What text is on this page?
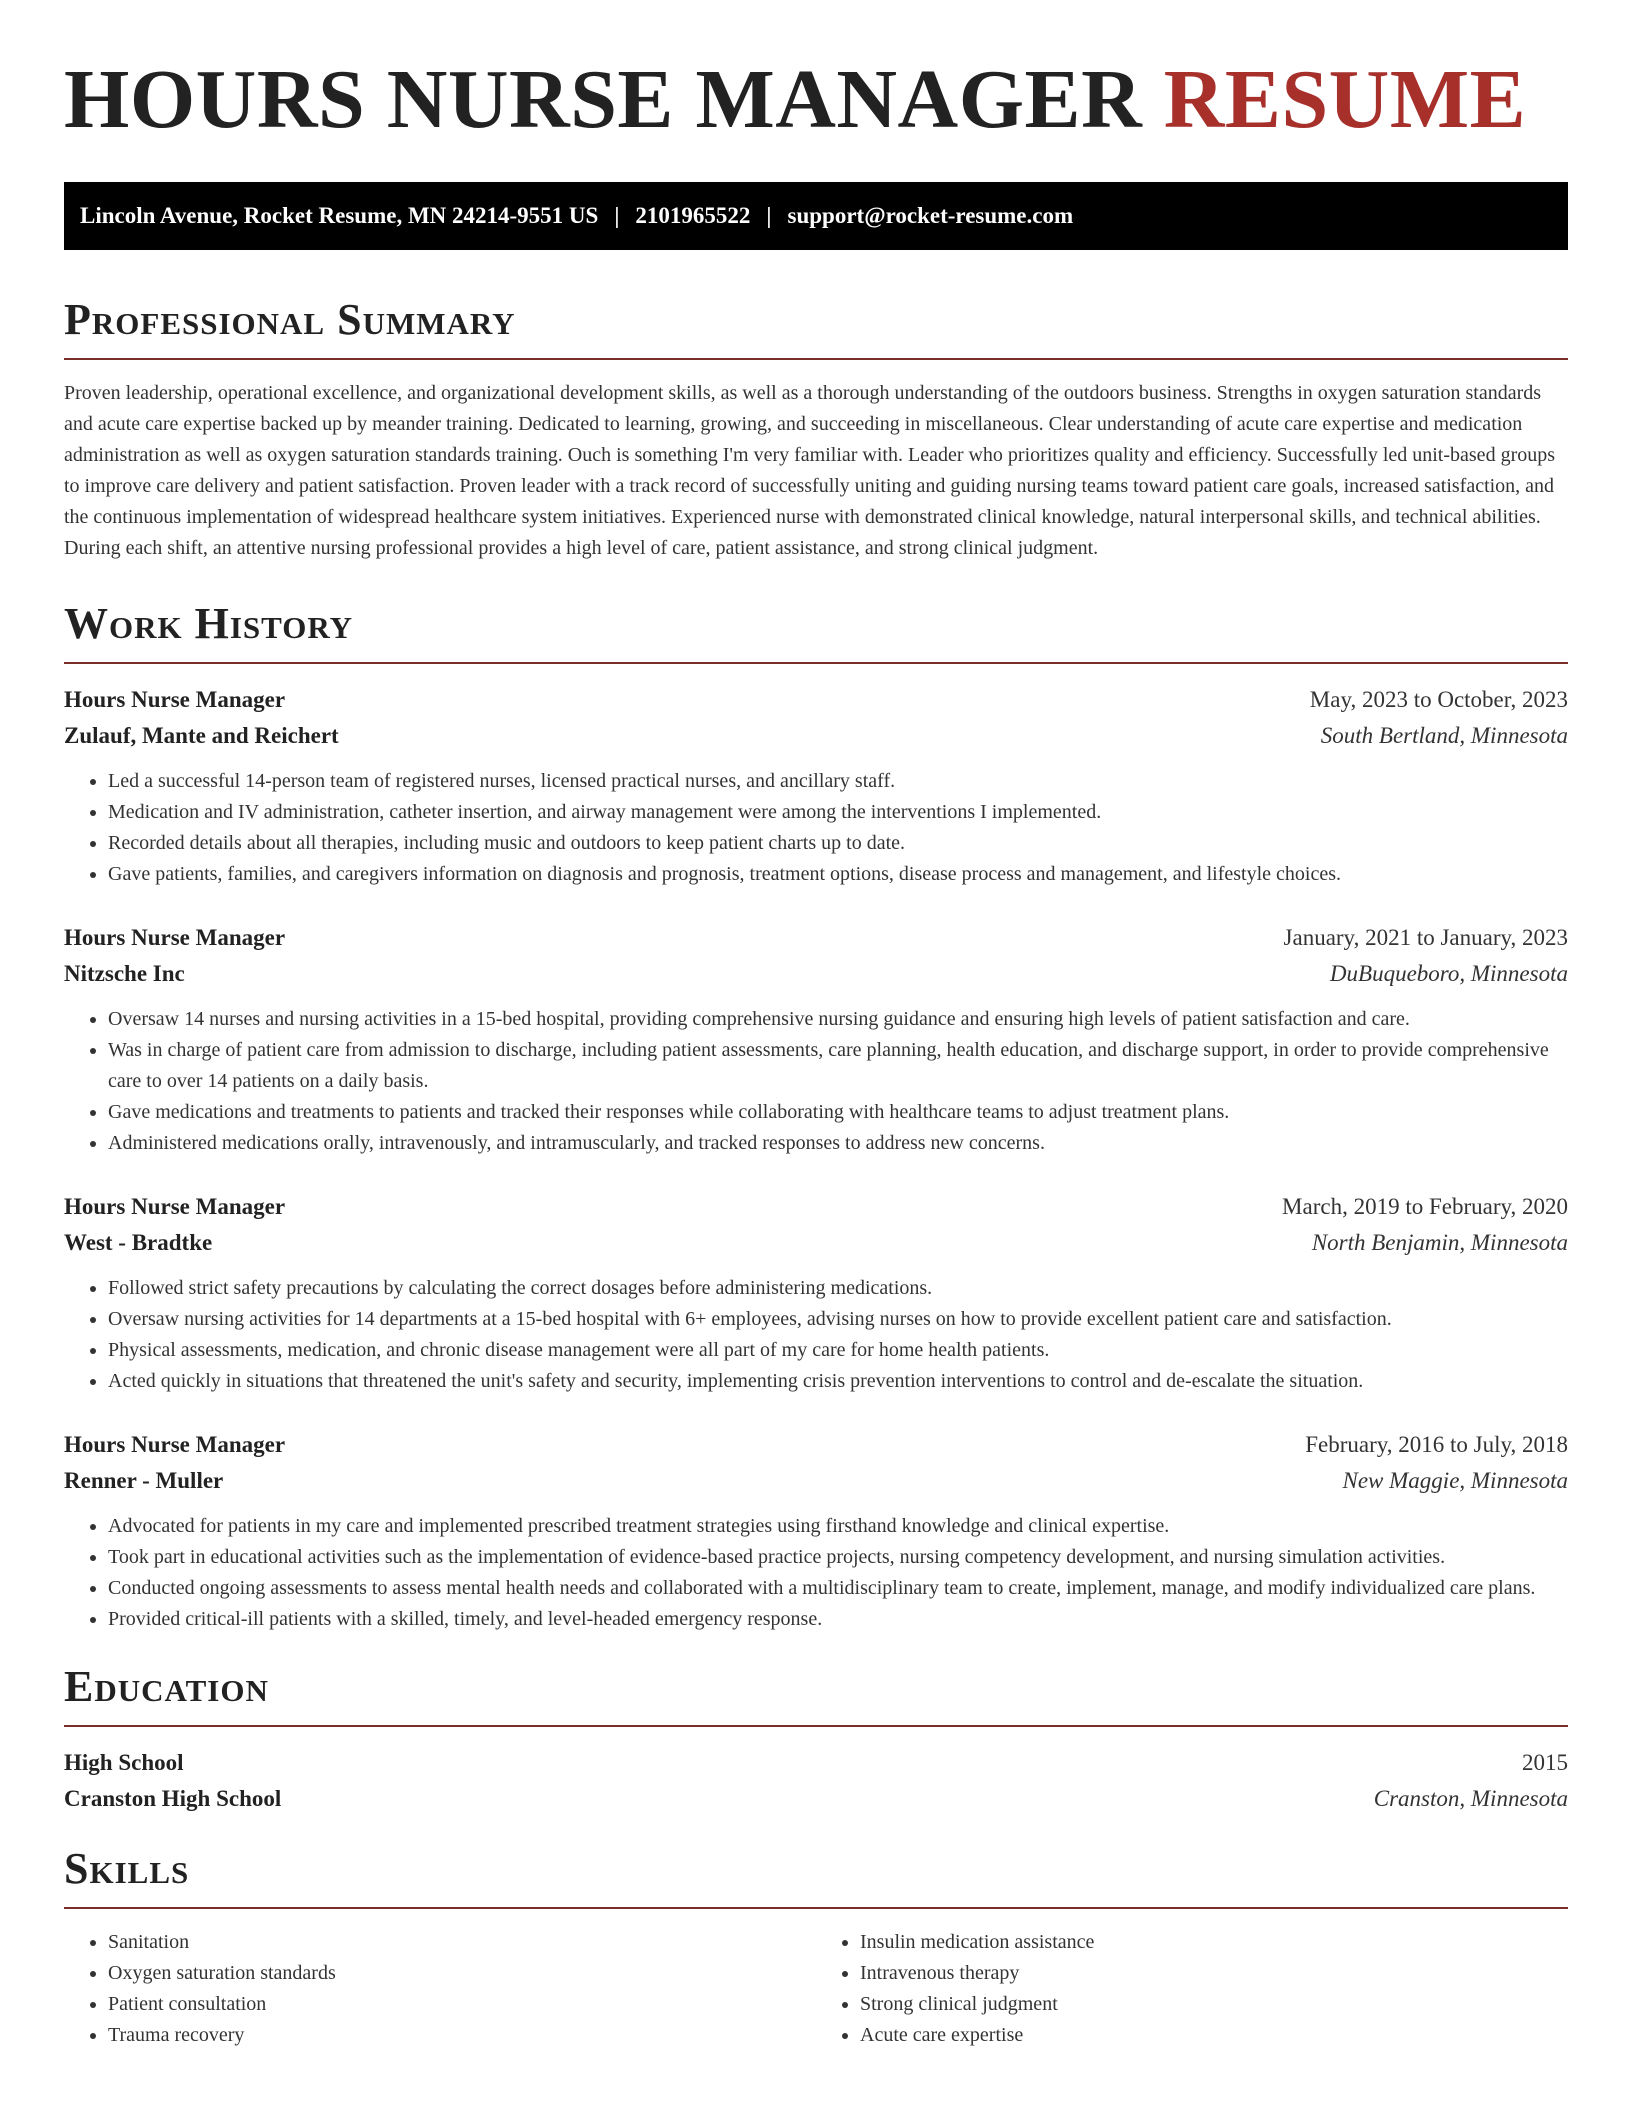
HOURS NURSE MANAGER RESUME
Lincoln Avenue, Rocket Resume, MN 24214-9551 US | 2101965522 | support@rocket-resume.com
Professional Summary

Proven leadership, operational excellence, and organizational development skills, as well as a thorough understanding of the outdoors business. Strengths in oxygen saturation standards and acute care expertise backed up by meander training. Dedicated to learning, growing, and succeeding in miscellaneous. Clear understanding of acute care expertise and medication administration as well as oxygen saturation standards training. Ouch is something I'm very familiar with. Leader who prioritizes quality and efficiency. Successfully led unit-based groups to improve care delivery and patient satisfaction. Proven leader with a track record of successfully uniting and guiding nursing teams toward patient care goals, increased satisfaction, and the continuous implementation of widespread healthcare system initiatives. Experienced nurse with demonstrated clinical knowledge, natural interpersonal skills, and technical abilities. During each shift, an attentive nursing professional provides a high level of care, patient assistance, and strong clinical judgment.

Work History
Hours Nurse Manager	May, 2023 to October, 2023
Zulauf, Mante and Reichert	South Bertland, Minnesota
• Led a successful 14-person team of registered nurses, licensed practical nurses, and ancillary staff.
• Medication and IV administration, catheter insertion, and airway management were among the interventions I implemented.
• Recorded details about all therapies, including music and outdoors to keep patient charts up to date.
• Gave patients, families, and caregivers information on diagnosis and prognosis, treatment options, disease process and management, and lifestyle choices.
Hours Nurse Manager	January, 2021 to January, 2023
Nitzsche Inc	DuBuqueboro, Minnesota
• Oversaw 14 nurses and nursing activities in a 15-bed hospital, providing comprehensive nursing guidance and ensuring high levels of patient satisfaction and care.
• Was in charge of patient care from admission to discharge, including patient assessments, care planning, health education, and discharge support, in order to provide comprehensive care to over 14 patients on a daily basis.
• Gave medications and treatments to patients and tracked their responses while collaborating with healthcare teams to adjust treatment plans.
• Administered medications orally, intravenously, and intramuscularly, and tracked responses to address new concerns.
Hours Nurse Manager	March, 2019 to February, 2020
West - Bradtke	North Benjamin, Minnesota
• Followed strict safety precautions by calculating the correct dosages before administering medications.
• Oversaw nursing activities for 14 departments at a 15-bed hospital with 6+ employees, advising nurses on how to provide excellent patient care and satisfaction.
• Physical assessments, medication, and chronic disease management were all part of my care for home health patients.
• Acted quickly in situations that threatened the unit's safety and security, implementing crisis prevention interventions to control and de-escalate the situation.
Hours Nurse Manager	February, 2016 to July, 2018
Renner - Muller	New Maggie, Minnesota
• Advocated for patients in my care and implemented prescribed treatment strategies using firsthand knowledge and clinical expertise.
• Took part in educational activities such as the implementation of evidence-based practice projects, nursing competency development, and nursing simulation activities.
• Conducted ongoing assessments to assess mental health needs and collaborated with a multidisciplinary team to create, implement, manage, and modify individualized care plans.
• Provided critical-ill patients with a skilled, timely, and level-headed emergency response.
Education
High School	2015
Cranston High School	Cranston, Minnesota
Skills
• Sanitation
• Oxygen saturation standards
• Patient consultation
• Trauma recovery
• Insulin medication assistance
• Intravenous therapy
• Strong clinical judgment
• Acute care expertise
